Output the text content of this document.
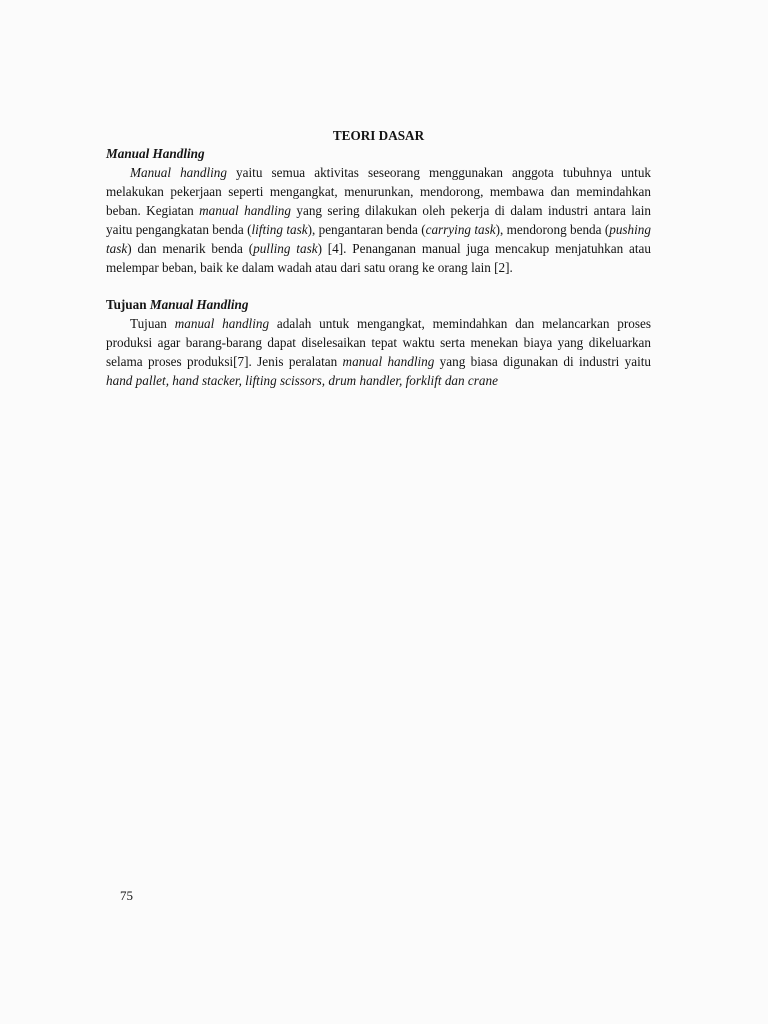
TEORI DASAR

Manual Handling

Manual handling yaitu semua aktivitas seseorang menggunakan anggota tubuhnya untuk melakukan pekerjaan seperti mengangkat, menurunkan, mendorong, membawa dan memindahkan beban. Kegiatan manual handling yang sering dilakukan oleh pekerja di dalam industri antara lain yaitu pengangkatan benda (lifting task), pengantaran benda (carrying task), mendorong benda (pushing task) dan menarik benda (pulling task) [4]. Penanganan manual juga mencakup menjatuhkan atau melempar beban, baik ke dalam wadah atau dari satu orang ke orang lain [2].

Tujuan Manual Handling

Tujuan manual handling adalah untuk mengangkat, memindahkan dan melancarkan proses produksi agar barang-barang dapat diselesaikan tepat waktu serta menekan biaya yang dikeluarkan selama proses produksi[7]. Jenis peralatan manual handling yang biasa digunakan di industri yaitu hand pallet, hand stacker, lifting scissors, drum handler, forklift dan crane

75
